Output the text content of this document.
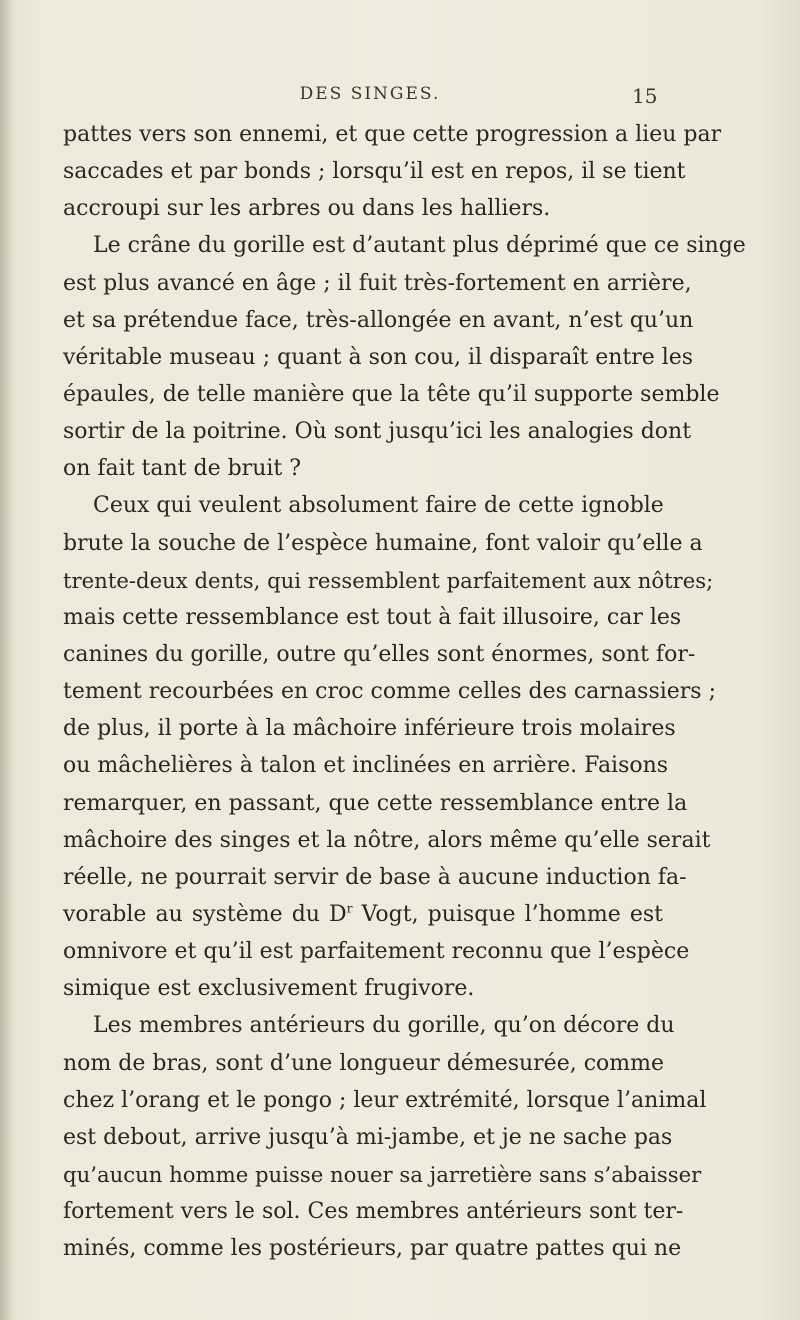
DES SINGES.	15
pattes vers son ennemi, et que cette progression a lieu par
saccades et par bonds ; lorsqu’il est en repos, il se tient
accroupi sur les arbres ou dans les halliers.
Le crâne du gorille est d’autant plus déprimé que ce singe
est plus avancé en âge ; il fuit très-fortement en arrière,
et sa prétendue face, très-allongée en avant, n’est qu’un
véritable museau ; quant à son cou, il disparaît entre les
épaules, de telle manière que la tête qu’il supporte semble
sortir de la poitrine. Où sont jusqu’ici les analogies dont
on fait tant de bruit ?
Ceux qui veulent absolument faire de cette ignoble
brute la souche de l’espèce humaine, font valoir qu’elle a
trente-deux dents, qui ressemblent parfaitement aux nôtres;
mais cette ressemblance est tout à fait illusoire, car les
canines du gorille, outre qu’elles sont énormes, sont for-
tement recourbées en croc comme celles des carnassiers ;
de plus, il porte à la mâchoire inférieure trois molaires
ou mâchelières à talon et inclinées en arrière. Faisons
remarquer, en passant, que cette ressemblance entre la
mâchoire des singes et la nôtre, alors même qu’elle serait
réelle, ne pourrait servir de base à aucune induction fa-
vorable au système du $D^r$ Vogt, puisque l’homme est
omnivore et qu’il est parfaitement reconnu que l’espèce
simique est exclusivement frugivore.
Les membres antérieurs du gorille, qu’on décore du
nom de bras, sont d’une longueur démesurée, comme
chez l’orang et le pongo ; leur extrémité, lorsque l’animal
est debout, arrive jusqu’à mi-jambe, et je ne sache pas
qu’aucun homme puisse nouer sa jarretière sans s’abaisser
fortement vers le sol. Ces membres antérieurs sont ter-
minés, comme les postérieurs, par quatre pattes qui ne
